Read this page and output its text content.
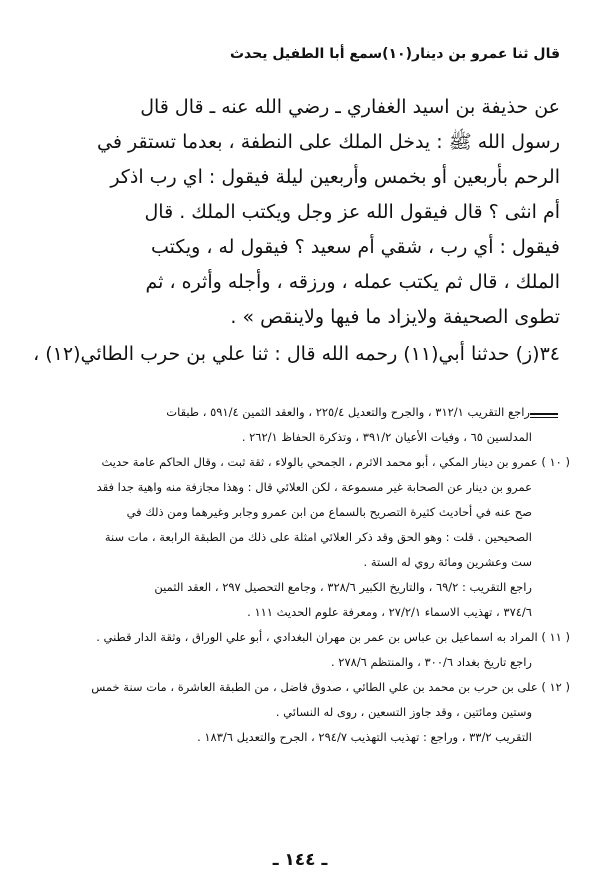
قال ثنا عمرو بن دينار(١٠)سمع أبا الطفيل يحدث
عن حذيفة بن اسيد الغفاري ـ رضي الله عنه ـ قال قال
رسول الله ﷺ : يدخل الملك على النطفة ، بعدما تستقر في
الرحم بأربعين أو بخمس وأربعين ليلة فيقول : اي رب اذكر
أم انثى ؟ قال فيقول الله عز وجل ويكتب الملك . قال
فيقول : أي رب ، شقي أم سعيد ؟ فيقول له ، ويكتب
الملك ، قال ثم يكتب عمله ، ورزقه ، وأجله وأثره ، ثم
تطوى الصحيفة ولايزاد ما فيها ولاينقص » .
٣٤(ز) حدثنا أبي(١١) رحمه الله قال : ثنا علي بن حرب الطائي(١٢) ،
راجع التقريب ٣١٢/١ ، والجرح والتعديل ٢٢٥/٤ ، والعقد الثمين ٥٩١/٤ ، طبقات
المدلسين ٦٥ ، وفيات الأعيان ٣٩١/٢ ، وتذكرة الحفاظ ٢٦٢/١ .
( ١٠ ) عمرو بن دينار المكي ، أبو محمد الاثرم ، الجمحي بالولاء ، ثقة ثبت ، وقال الحاكم عامة حديث
عمرو بن دينار عن الصحابة غير مسموعة ، لكن العلائي قال : وهذا مجازفة منه واهية جدا فقد
صح عنه في أحاديث كثيرة التصريح بالسماع من ابن عمرو وجابر وغيرهما ومن ذلك في
الصحيحين . قلت : وهو الحق وقد ذكر العلائي امثلة على ذلك من الطبقة الرابعة ، مات سنة
ست وعشرين ومائة روي له الستة .
راجع التقريب : ٦٩/٢ ، والتاريخ الكبير ٣٢٨/٦ ، وجامع التحصيل ٢٩٧ ، العقد الثمين
٣٧٤/٦ ، تهذيب الاسماء ٢٧/٢/١ ، ومعرفة علوم الحديث ١١١ .
( ١١ ) المراد به اسماعيل بن عباس بن عمر بن مهران البغدادي ، أبو علي الوراق ، وثقة الدار قطني .
راجع تاريخ بغداد ٣٠٠/٦ ، والمنتظم ٢٧٨/٦ .
( ١٢ ) على بن حرب بن محمد بن علي الطائي ، صدوق فاضل ، من الطبقة العاشرة ، مات سنة خمس
وستين ومائتين ، وقد جاوز التسعين ، روى له النسائي .
التقريب ٣٣/٢ ، وراجع : تهذيب التهذيب ٢٩٤/٧ ، الجرح والتعديل ١٨٣/٦ .
ـ ١٤٤ ـ
